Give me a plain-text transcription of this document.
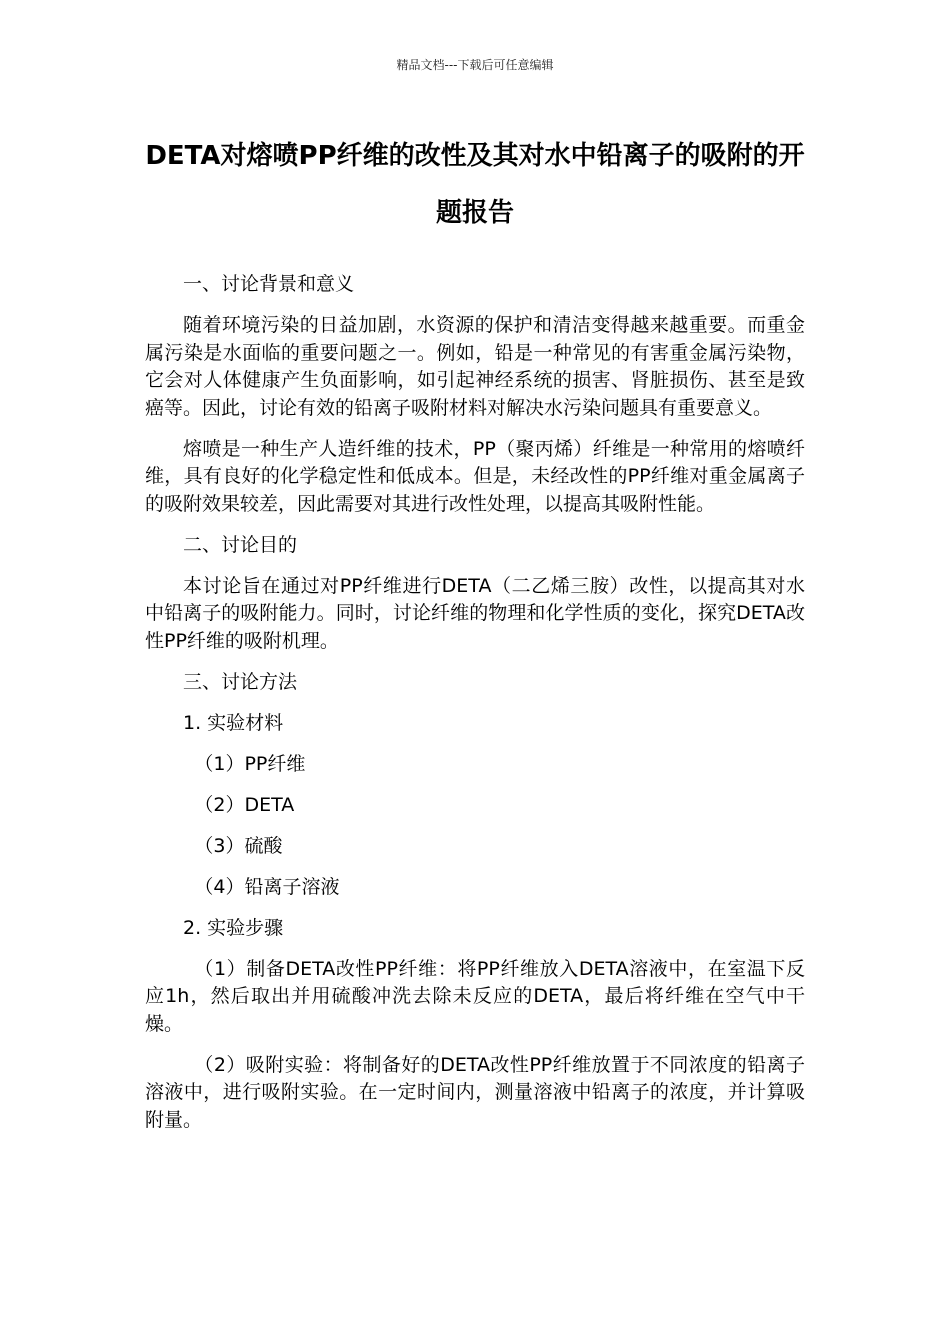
精品文档---下载后可任意编辑
DETA对熔喷PP纤维的改性及其对水中铅离子的吸附的开题报告

一、讨论背景和意义

随着环境污染的日益加剧，水资源的保护和清洁变得越来越重要。而重金属污染是水面临的重要问题之一。例如，铅是一种常见的有害重金属污染物，它会对人体健康产生负面影响，如引起神经系统的损害、肾脏损伤、甚至是致癌等。因此，讨论有效的铅离子吸附材料对解决水污染问题具有重要意义。

熔喷是一种生产人造纤维的技术，PP（聚丙烯）纤维是一种常用的熔喷纤维，具有良好的化学稳定性和低成本。但是，未经改性的PP纤维对重金属离子的吸附效果较差，因此需要对其进行改性处理，以提高其吸附性能。

二、讨论目的

本讨论旨在通过对PP纤维进行DETA（二乙烯三胺）改性，以提高其对水中铅离子的吸附能力。同时，讨论纤维的物理和化学性质的变化，探究DETA改性PP纤维的吸附机理。

三、讨论方法

1. 实验材料

（1）PP纤维

（2）DETA

（3）硫酸

（4）铅离子溶液

2. 实验步骤

（1）制备DETA改性PP纤维：将PP纤维放入DETA溶液中，在室温下反应1h，然后取出并用硫酸冲洗去除未反应的DETA，最后将纤维在空气中干燥。

（2）吸附实验：将制备好的DETA改性PP纤维放置于不同浓度的铅离子溶液中，进行吸附实验。在一定时间内，测量溶液中铅离子的浓度，并计算吸附量。
